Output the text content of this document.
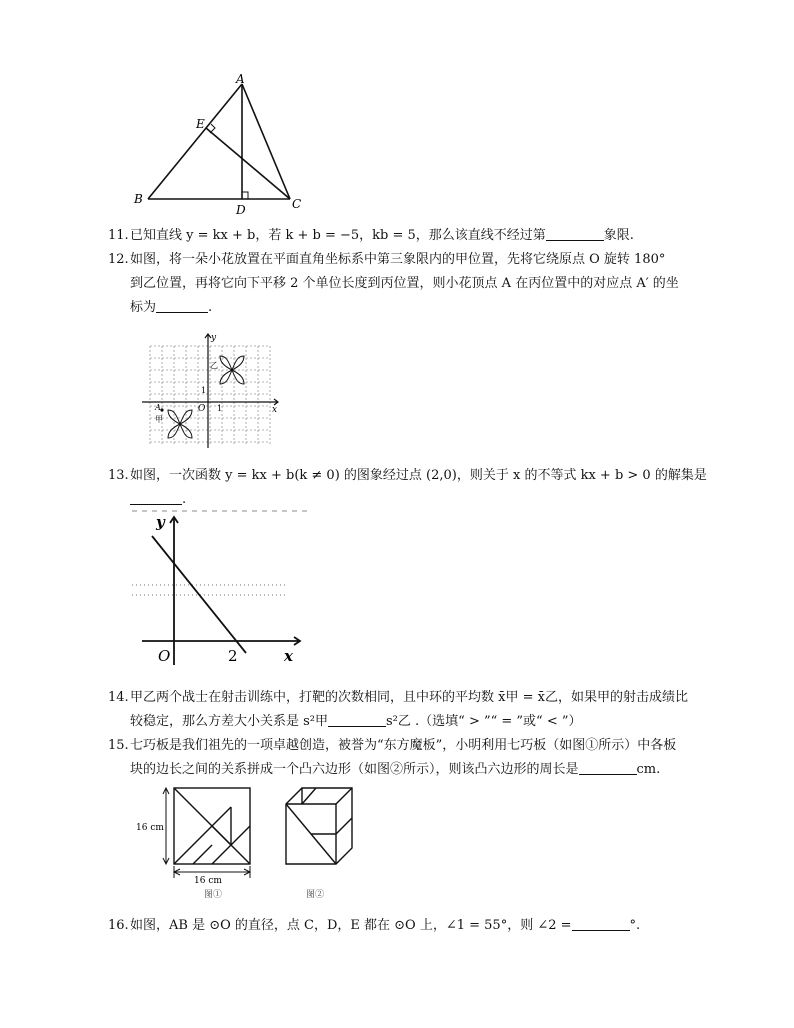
A
E
B	C
D
11.已知直线 y = kx + b，若 k + b = −5，kb = 5，那么该直线不经过第	象限.
12.如图，将一朵小花放置在平面直角坐标系中第三象限内的甲位置，先将它绕原点 O 旋转 180°
到乙位置，再将它向下平移 2 个单位长度到丙位置，则小花顶点 A 在丙位置中的对应点 A′ 的坐
标为	.
y
x
O 1
1
A
甲
乙
13.如图，一次函数 y = kx + b(k ≠ 0) 的图象经过点 (2,0)，则关于 x 的不等式 kx + b > 0 的解集是
.
y
x
O	2
14.甲乙两个战士在射击训练中，打靶的次数相同，且中环的平均数 x̄甲 = x̄乙，如果甲的射击成绩比
较稳定，那么方差大小关系是 s²甲	s²乙 .（选填“ > ”“ = ”或“ < ”）
15.七巧板是我们祖先的一项卓越创造，被誉为“东方魔板”，小明利用七巧板（如图①所示）中各板
块的边长之间的关系拼成一个凸六边形（如图②所示），则该凸六边形的周长是	cm.
16 cm
16 cm
图①	图②
16.如图，AB 是 ⊙O 的直径，点 C，D，E 都在 ⊙O 上，∠1 = 55°，则 ∠2 =	°.
